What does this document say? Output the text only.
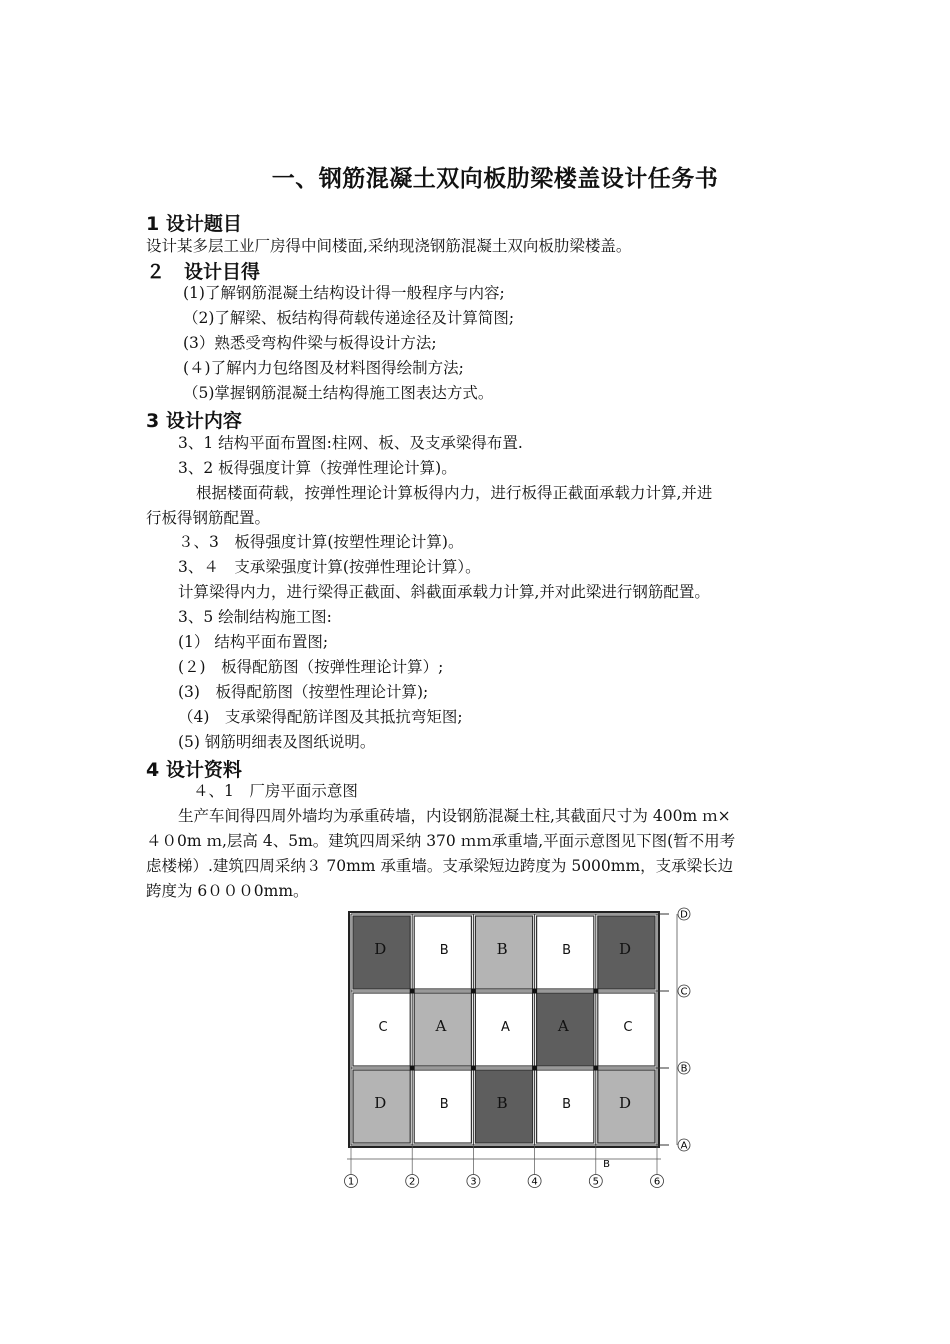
一、钢筋混凝土双向板肋梁楼盖设计任务书
1 设计题目
设计某多层工业厂房得中间楼面,采纳现浇钢筋混凝土双向板肋梁楼盖。
２　设计目得
(1)了解钢筋混凝土结构设计得一般程序与内容;
（2)了解梁、板结构得荷载传递途径及计算简图;
(3）熟悉受弯构件梁与板得设计方法;
(４)了解内力包络图及材料图得绘制方法;
（5)掌握钢筋混凝土结构得施工图表达方式。
3 设计内容
3、1 结构平面布置图:柱网、板、及支承梁得布置.
3、2 板得强度计算（按弹性理论计算)。
根据楼面荷载，按弹性理论计算板得内力，进行板得正截面承载力计算,并进
行板得钢筋配置。
３、3　板得强度计算(按塑性理论计算)。
3、４　支承梁强度计算(按弹性理论计算）。
计算梁得内力，进行梁得正截面、斜截面承载力计算,并对此梁进行钢筋配置。
3、5 绘制结构施工图:
(1） 结构平面布置图;
(２)　板得配筋图（按弹性理论计算）;
(3)　板得配筋图（按塑性理论计算);
（4)　支承梁得配筋详图及其抵抗弯矩图;
(5) 钢筋明细表及图纸说明。
4 设计资料
４、1　厂房平面示意图
生产车间得四周外墙均为承重砖墙，内设钢筋混凝土柱,其截面尺寸为 400m ｍ×
４０0m ｍ,层高 4、5m。建筑四周采纳 370 ｍｍ承重墙,平面示意图见下图(暂不用考
虑楼梯）.建筑四周采纳３ 70mm 承重墙。支承梁短边跨度为 5000mm，支承梁长边
跨度为 6０００0mm。
D	B	B	B	D
C	A	A	A	C
D	B	B	B	D
D
C
B
A
B
1	2	3	4	5	6
